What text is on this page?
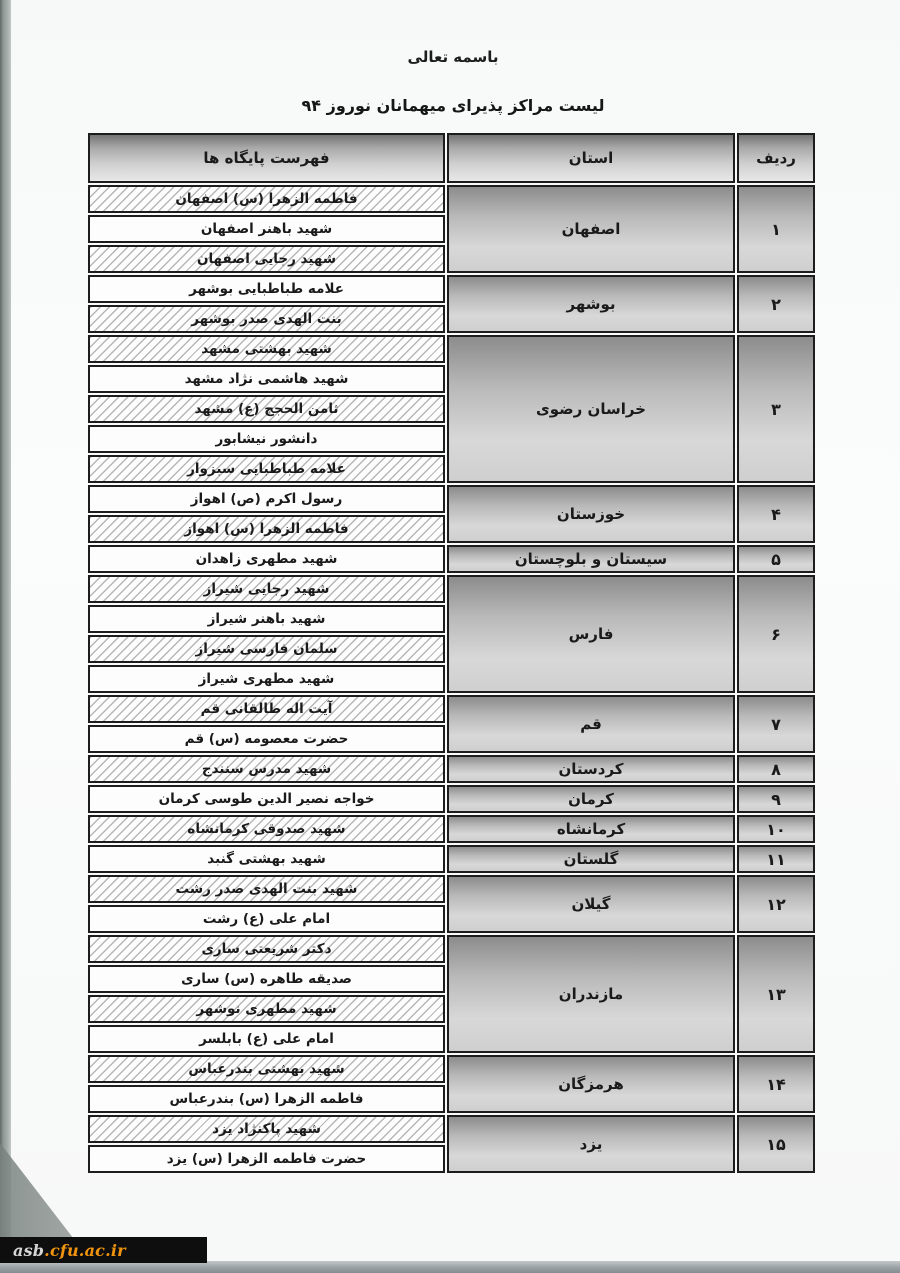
باسمه تعالی
لیست مراکز پذیرای میهمانان نوروز ۹۴
ردیف
استان
فهرست پایگاه ها
۱
اصفهان
فاطمه الزهرا (س) اصفهان
شهید باهنر اصفهان
شهید رجایی اصفهان
۲
بوشهر
علامه طباطبایی بوشهر
بنت الهدی صدر بوشهر
۳
خراسان رضوی
شهید بهشتی مشهد
شهید هاشمی نژاد مشهد
ثامن الحجج (ع) مشهد
دانشور نیشابور
علامه طباطبایی سبزوار
۴
خوزستان
رسول اکرم (ص) اهواز
فاطمه الزهرا (س) اهواز
۵
سیستان و بلوچستان
شهید مطهری زاهدان
۶
فارس
شهید رجایی شیراز
شهید باهنر شیراز
سلمان فارسی شیراز
شهید مطهری شیراز
۷
قم
آیت اله طالقانی قم
حضرت معصومه (س) قم
۸
کردستان
شهید مدرس سنندج
۹
کرمان
خواجه نصیر الدین طوسی کرمان
۱۰
کرمانشاه
شهید صدوقی کرمانشاه
۱۱
گلستان
شهید بهشتی گنبد
۱۲
گیلان
شهید بنت الهدی صدر رشت
امام علی (ع) رشت
۱۳
مازندران
دکتر شریعتی ساری
صدیقه طاهره (س) ساری
شهید مطهری نوشهر
امام علی (ع) بابلسر
۱۴
هرمزگان
شهید بهشتی بندرعباس
فاطمه الزهرا (س) بندرعباس
۱۵
یزد
شهید پاکنژاد یزد
حضرت فاطمه الزهرا (س) یزد
asb .cfu.ac.ir
